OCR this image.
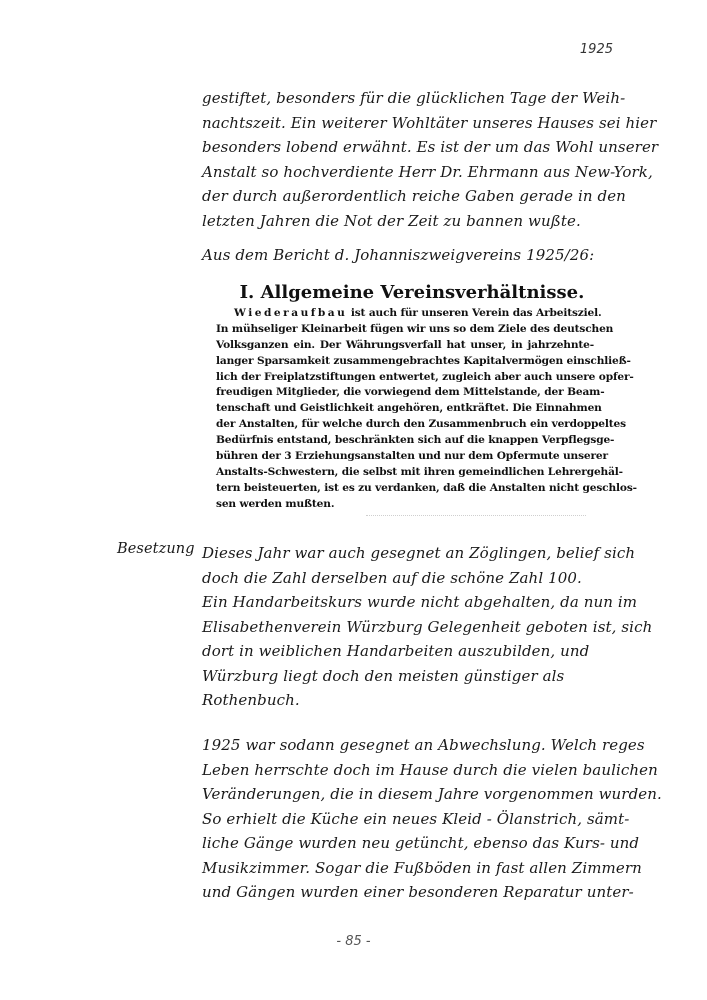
1925
gestiftet, besonders für die glücklichen Tage der Weih-
nachtszeit. Ein weiterer Wohltäter unseres Hauses sei hier
besonders lobend erwähnt. Es ist der um das Wohl unserer
Anstalt so hochverdiente Herr Dr. Ehrmann aus New-York,
der durch außerordentlich reiche Gaben gerade in den
letzten Jahren die Not der Zeit zu bannen wußte.
Aus dem Bericht d. Johanniszweigvereins 1925/26:
I. Allgemeine Vereinsverhältnisse.
Wiederaufbau ist auch für unseren Verein das Arbeitsziel.
In mühseliger Kleinarbeit fügen wir uns so dem Ziele des deutschen
Volksganzen ein. Der Währungsverfall hat unser, in jahrzehnte-
langer Sparsamkeit zusammengebrachtes Kapitalvermögen einschließ-
lich der Freiplatzstiftungen entwertet, zugleich aber auch unsere opfer-
freudigen Mitglieder, die vorwiegend dem Mittelstande, der Beam-
tenschaft und Geistlichkeit angehören, entkräftet. Die Einnahmen
der Anstalten, für welche durch den Zusammenbruch ein verdoppeltes
Bedürfnis entstand, beschränkten sich auf die knappen Verpflegsge-
bühren der 3 Erziehungsanstalten und nur dem Opfermute unserer
Anstalts-Schwestern, die selbst mit ihren gemeindlichen Lehrergehäl-
tern beisteuerten, ist es zu verdanken, daß die Anstalten nicht geschlos-
sen werden mußten.
Besetzung Dieses Jahr war auch gesegnet an Zöglingen, belief sich
doch die Zahl derselben auf die schöne Zahl 100.
Ein Handarbeitskurs wurde nicht abgehalten, da nun im
Elisabethenverein Würzburg Gelegenheit geboten ist, sich
dort in weiblichen Handarbeiten auszubilden, und
Würzburg liegt doch den meisten günstiger als
Rothenbuch.
1925 war sodann gesegnet an Abwechslung. Welch reges
Leben herrschte doch im Hause durch die vielen baulichen
Veränderungen, die in diesem Jahre vorgenommen wurden.
So erhielt die Küche ein neues Kleid - Ölanstrich, sämt-
liche Gänge wurden neu getüncht, ebenso das Kurs- und
Musikzimmer. Sogar die Fußböden in fast allen Zimmern
und Gängen wurden einer besonderen Reparatur unter-
- 85 -
